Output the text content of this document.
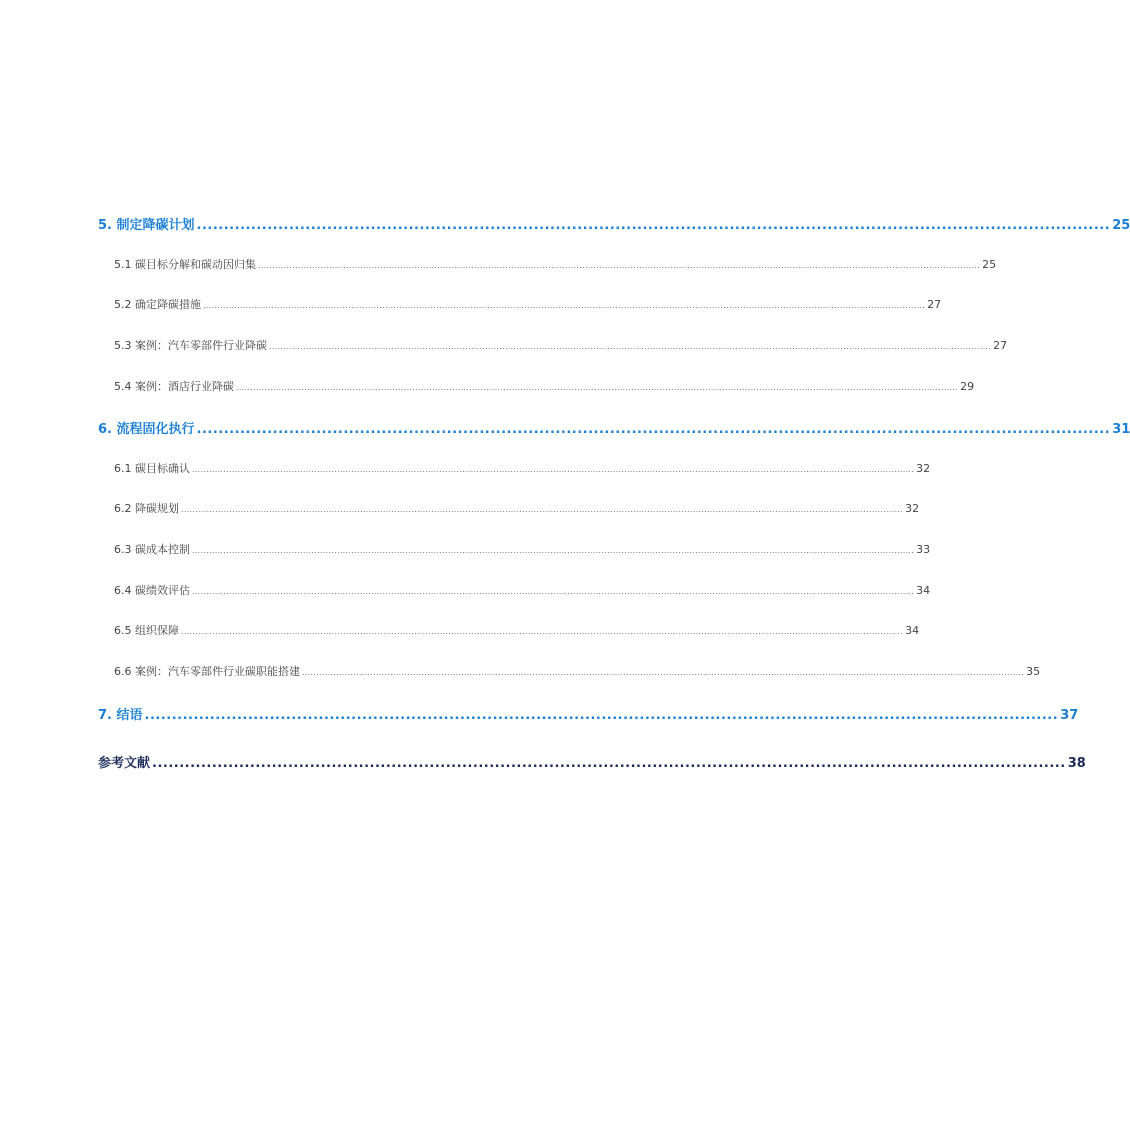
5. 制定降碳计划 ........................................................................................................................................................................ 25
5.1 碳目标分解和碳动因归集 .............................................................................................................................................................................................................................................................. 25
5.2 确定降碳措施 .............................................................................................................................................................................................................................................................. 27
5.3 案例：汽车零部件行业降碳 .............................................................................................................................................................................................................................................................. 27
5.4 案例：酒店行业降碳 .............................................................................................................................................................................................................................................................. 29
6. 流程固化执行 ........................................................................................................................................................................ 31
6.1 碳目标确认 .............................................................................................................................................................................................................................................................. 32
6.2 降碳规划 .............................................................................................................................................................................................................................................................. 32
6.3 碳成本控制 .............................................................................................................................................................................................................................................................. 33
6.4 碳绩效评估 .............................................................................................................................................................................................................................................................. 34
6.5 组织保障 .............................................................................................................................................................................................................................................................. 34
6.6 案例：汽车零部件行业碳职能搭建 .............................................................................................................................................................................................................................................................. 35
7. 结语 ........................................................................................................................................................................ 37
参考文献 ........................................................................................................................................................................ 38
